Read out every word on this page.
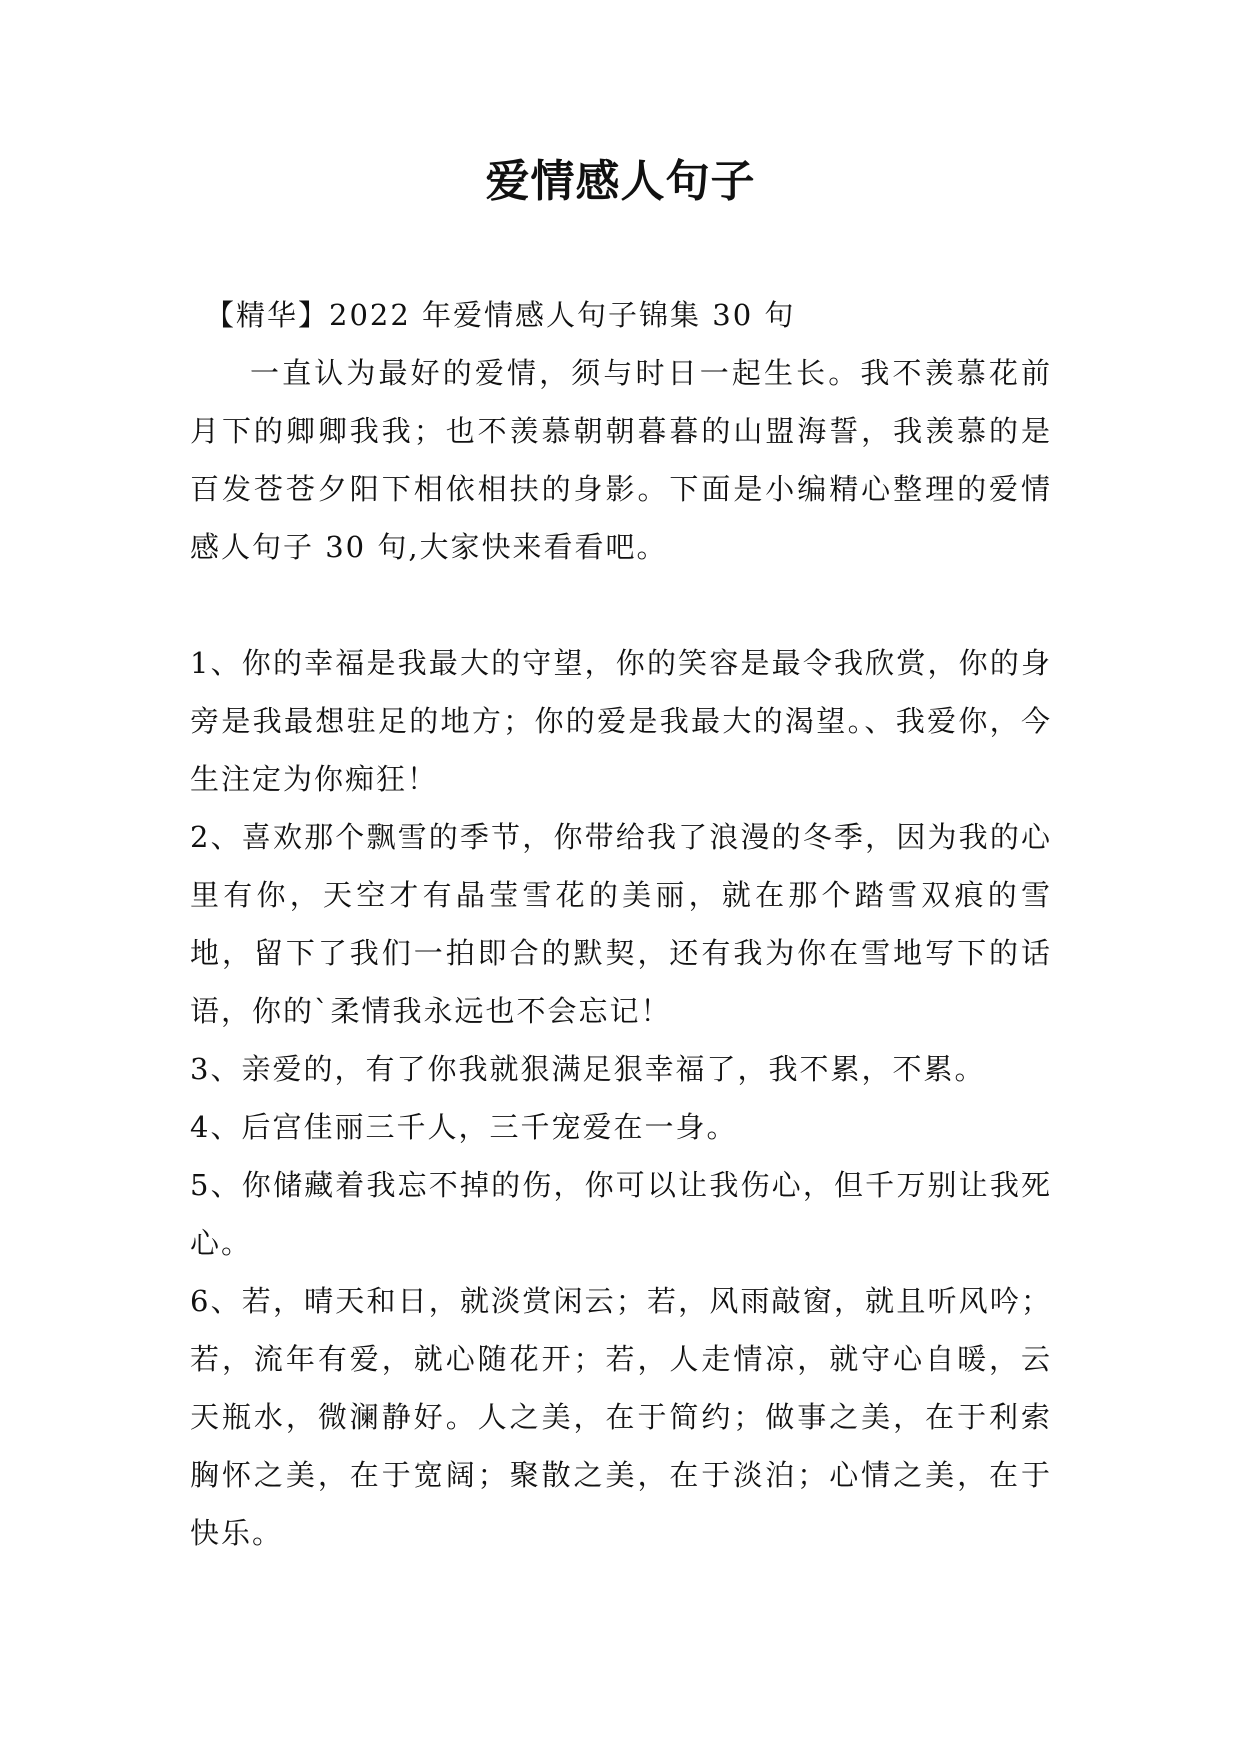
爱情感人句子

【精华】2022 年爱情感人句子锦集 30 句

一直认为最好的爱情，须与时日一起生长。我不羡慕花前月下的卿卿我我；也不羡慕朝朝暮暮的山盟海誓，我羡慕的是百发苍苍夕阳下相依相扶的身影。下面是小编精心整理的爱情感人句子 30 句,大家快来看看吧。

1、你的幸福是我最大的守望，你的笑容是最令我欣赏，你的身旁是我最想驻足的地方；你的爱是我最大的渴望。、我爱你，今生注定为你痴狂！

2、喜欢那个飘雪的季节，你带给我了浪漫的冬季，因为我的心里有你，天空才有晶莹雪花的美丽，就在那个踏雪双痕的雪地，留下了我们一拍即合的默契，还有我为你在雪地写下的话语，你的`柔情我永远也不会忘记！

3、亲爱的，有了你我就狠满足狠幸福了，我不累，不累。

4、后宫佳丽三千人，三千宠爱在一身。

5、你储藏着我忘不掉的伤，你可以让我伤心，但千万别让我死心。

6、若，晴天和日，就淡赏闲云；若，风雨敲窗，就且听风吟；若，流年有爱，就心随花开；若，人走情凉，就守心自暖，云天瓶水，微澜静好。人之美，在于简约；做事之美，在于利索胸怀之美，在于宽阔；聚散之美，在于淡泊；心情之美，在于快乐。
